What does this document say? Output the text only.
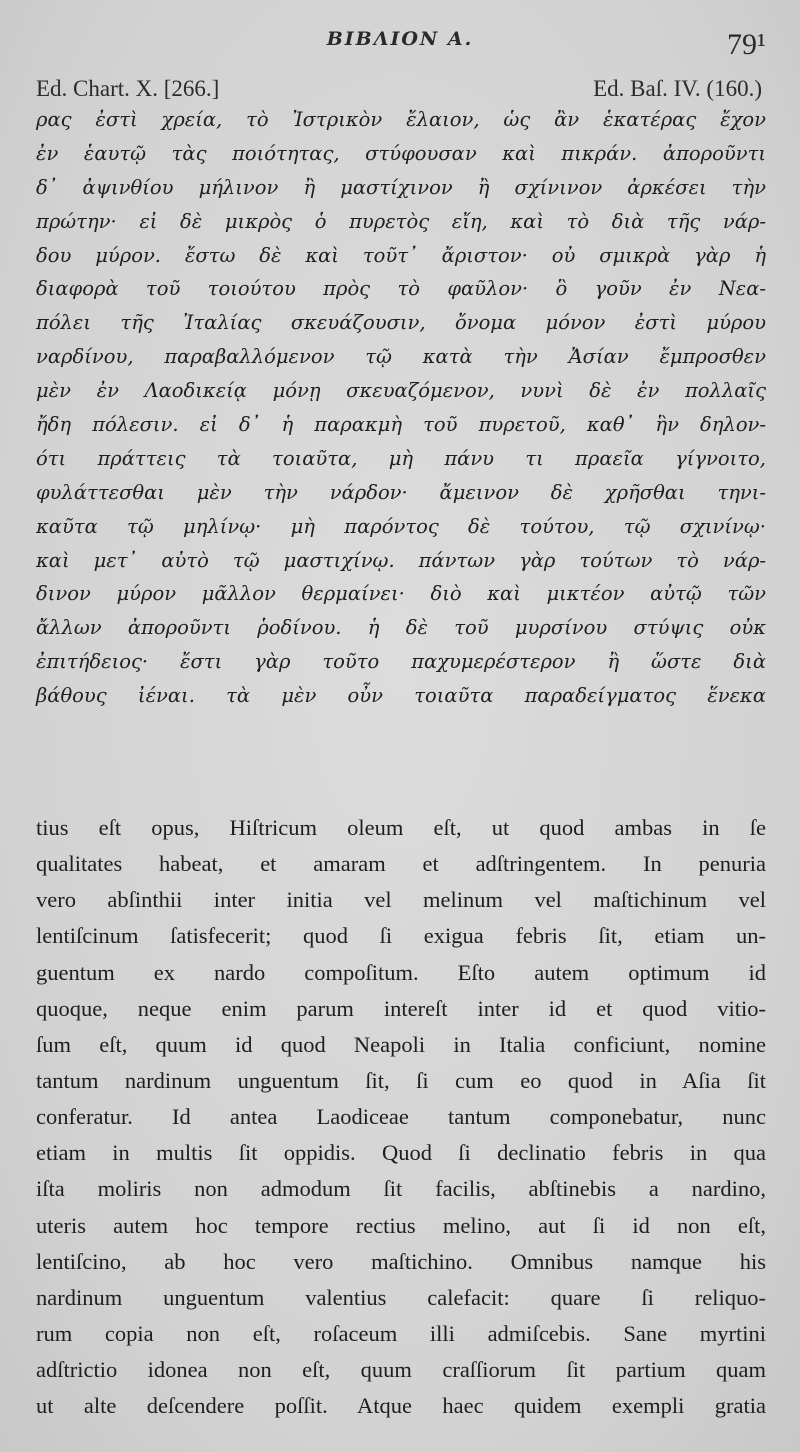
ΒΙΒΛΙΟΝ Α.	79¹
Ed. Chart. X. [266.]	Ed. Baſ. IV. (160.)
ρας ἐστὶ χρεία, τὸ Ἰστρικὸν ἔλαιον, ὡς ἂν ἑκατέρας ἔχον
ἐν ἑαυτῷ τὰς ποιότητας, στύφουσαν καὶ πικράν. ἀποροῦντι
δ᾽ ἀψινθίου μήλινον ἢ μαστίχινον ἢ σχίνινον ἀρκέσει τὴν
πρώτην· εἰ δὲ μικρὸς ὁ πυρετὸς εἴη, καὶ τὸ διὰ τῆς νάρ-
δου μύρον. ἔστω δὲ καὶ τοῦτ᾽ ἄριστον· οὐ σμικρὰ γὰρ ἡ
διαφορὰ τοῦ τοιούτου πρὸς τὸ φαῦλον· ὃ γοῦν ἐν Νεα-
πόλει τῆς Ἰταλίας σκευάζουσιν, ὄνομα μόνον ἐστὶ μύρου
ναρδίνου, παραβαλλόμενον τῷ κατὰ τὴν Ἀσίαν ἔμπροσθεν
μὲν ἐν Λαοδικείᾳ μόνῃ σκευαζόμενον, νυνὶ δὲ ἐν πολλαῖς
ἤδη πόλεσιν. εἰ δ᾽ ἡ παρακμὴ τοῦ πυρετοῦ, καθ᾽ ἣν δηλον-
ότι πράττεις τὰ τοιαῦτα, μὴ πάνυ τι πραεῖα γίγνοιτο,
φυλάττεσθαι μὲν τὴν νάρδον· ἄμεινον δὲ χρῆσθαι τηνι-
καῦτα τῷ μηλίνῳ· μὴ παρόντος δὲ τούτου, τῷ σχινίνῳ·
καὶ μετ᾽ αὐτὸ τῷ μαστιχίνῳ. πάντων γὰρ τούτων τὸ νάρ-
δινον μύρον μᾶλλον θερμαίνει· διὸ καὶ μικτέον αὐτῷ τῶν
ἄλλων ἀποροῦντι ῥοδίνου. ἡ δὲ τοῦ μυρσίνου στύψις οὐκ
ἐπιτήδειος· ἔστι γὰρ τοῦτο παχυμερέστερον ἢ ὥστε διὰ
βάθους ἰέναι. τὰ μὲν οὖν τοιαῦτα παραδείγματος ἕνεκα
tius eſt opus, Hiſtricum oleum eſt, ut quod ambas in ſe
qualitates habeat, et amaram et adſtringentem. In penuria
vero abſinthii inter initia vel melinum vel maſtichinum vel
lentiſcinum ſatisfecerit; quod ſi exigua febris ſit, etiam un-
guentum ex nardo compoſitum. Eſto autem optimum id
quoque, neque enim parum intereſt inter id et quod vitio-
ſum eſt, quum id quod Neapoli in Italia conficiunt, nomine
tantum nardinum unguentum ſit, ſi cum eo quod in Aſia ſit
conferatur. Id antea Laodiceae tantum componebatur, nunc
etiam in multis ſit oppidis. Quod ſi declinatio febris in qua
iſta moliris non admodum ſit facilis, abſtinebis a nardino,
uteris autem hoc tempore rectius melino, aut ſi id non eſt,
lentiſcino, ab hoc vero maſtichino. Omnibus namque his
nardinum unguentum valentius calefacit: quare ſi reliquo-
rum copia non eſt, roſaceum illi admiſcebis. Sane myrtini
adſtrictio idonea non eſt, quum craſſiorum ſit partium quam
ut alte deſcendere poſſit. Atque haec quidem exempli gratia
